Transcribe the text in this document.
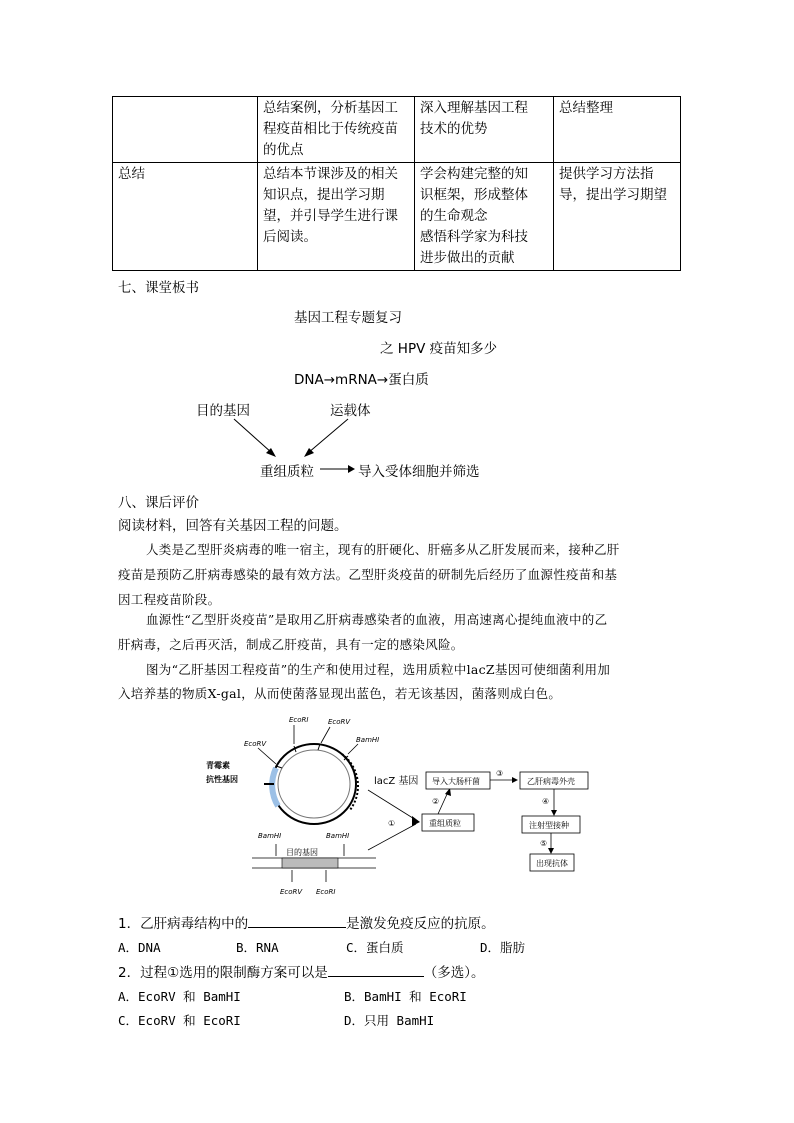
	总结案例，分析基因工
程疫苗相比于传统疫苗
的优点	深入理解基因工程
技术的优势	总结整理
总结	总结本节课涉及的相关
知识点，提出学习期
望，并引导学生进行课
后阅读。	学会构建完整的知
识框架，形成整体
的生命观念
感悟科学家为科技
进步做出的贡献	提供学习方法指
导，提出学习期望
七、课堂板书
基因工程专题复习
之 HPV 疫苗知多少
DNA→mRNA→蛋白质
目的基因	运载体
重组质粒	导入受体细胞并筛选
八、课后评价
阅读材料，回答有关基因工程的问题。
人类是乙型肝炎病毒的唯一宿主，现有的肝硬化、肝癌多从乙肝发展而来，接种乙肝
疫苗是预防乙肝病毒感染的最有效方法。乙型肝炎疫苗的研制先后经历了血源性疫苗和基
因工程疫苗阶段。
血源性“乙型肝炎疫苗”是取用乙肝病毒感染者的血液，用高速离心提纯血液中的乙
肝病毒，之后再灭活，制成乙肝疫苗，具有一定的感染风险。
图为“乙肝基因工程疫苗”的生产和使用过程，选用质粒中lacZ基因可使细菌利用加
入培养基的物质X-gal，从而使菌落显现出蓝色，若无该基因，菌落则成白色。
EcoRI	EcoRV
EcoRV	BamHI
青霉素
抗性基因	lacZ 基因
①	重组质粒
②
导入大肠杆菌
③
乙肝病毒外壳
④
注射型接种
⑤
出现抗体
BamHI	BamHI
目的基因
EcoRV EcoRI
1．乙肝病毒结构中的	是激发免疫反应的抗原。
A．DNA	B．RNA	C．蛋白质	D．脂肪
2．过程①选用的限制酶方案可以是	（多选）。
A．EcoRV 和 BamHI	B．BamHI 和 EcoRI
C．EcoRV 和 EcoRI	D．只用 BamHI
